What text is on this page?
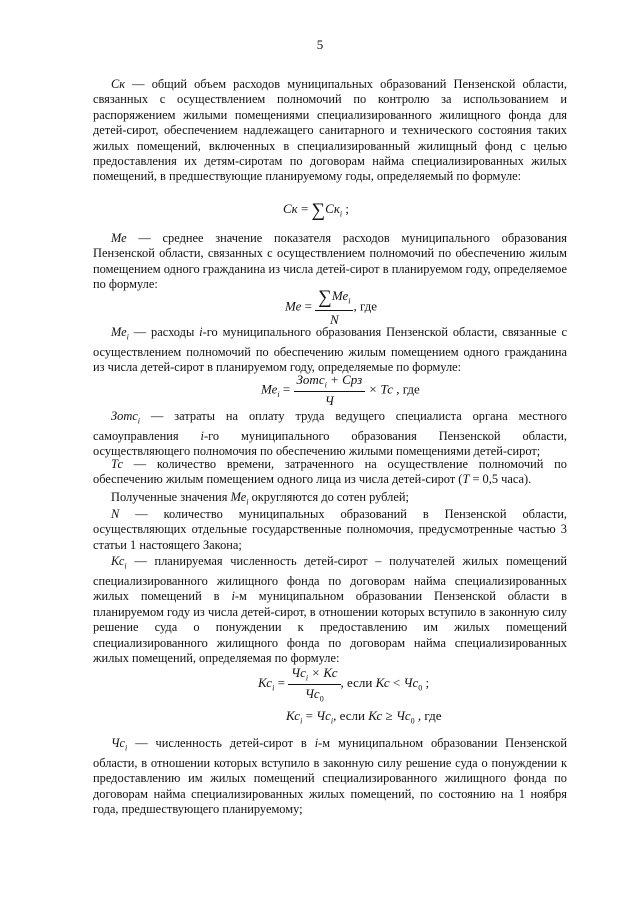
5

Ск — общий объем расходов муниципальных образований Пензенской области, связанных с осуществлением полномочий по контролю за использованием и распоряжением жилыми помещениями специализированного жилищного фонда для детей-сирот, обеспечением надлежащего санитарного и технического состояния таких жилых помещений, включенных в специализированный жилищный фонд с целью предоставления их детям-сиротам по договорам найма специализированных жилых помещений, в предшествующие планируемому годы, определяемый по формуле:

Ск = $\sum Ск_i$ ;

Ме — среднее значение показателя расходов муниципального образования Пензенской области, связанных с осуществлением полномочий по обеспечению жилым помещением одного гражданина из числа детей-сирот в планируемом году, определяемое по формуле:

Ме = $\frac{\sum Ме_i}{N}$ , где

$Ме_i$ — расходы i-го муниципального образования Пензенской области, связанные с осуществлением полномочий по обеспечению жилым помещением одного гражданина из числа детей-сирот в планируемом году, определяемые по формуле:

$Ме_i = \frac{Зотс_i + Срз}{Ч}$ × Тс , где

Зотс$_i$ — затраты на оплату труда ведущего специалиста органа местного самоуправления i-го муниципального образования Пензенской области, осуществляющего полномочия по обеспечению жилыми помещениями детей-сирот;

Тс — количество времени, затраченного на осуществление полномочий по обеспечению жилым помещением одного лица из числа детей-сирот (T = 0,5 часа).

Полученные значения $Ме_i$ округляются до сотен рублей;

N — количество муниципальных образований в Пензенской области, осуществляющих отдельные государственные полномочия, предусмотренные частью 3 статьи 1 настоящего Закона;

$Кс_i$ — планируемая численность детей-сирот – получателей жилых помещений специализированного жилищного фонда по договорам найма специализированных жилых помещений в i-м муниципальном образовании Пензенской области в планируемом году из числа детей-сирот, в отношении которых вступило в законную силу решение суда о понуждении к предоставлению им жилых помещений специализированного жилищного фонда по договорам найма специализированных жилых помещений, определяемая по формуле:

$Кс_i = \frac{Чс_i \times Кс}{Чс_0}$ , если Кс < $Чс_0$ ;
$Кс_i = Чс_i$, если Кс ≥ $Чс_0$ , где

$Чс_i$ — численность детей-сирот в i-м муниципальном образовании Пензенской области, в отношении которых вступило в законную силу решение суда о понуждении к предоставлению им жилых помещений специализированного жилищного фонда по договорам найма специализированных жилых помещений, по состоянию на 1 ноября года, предшествующего планируемому;
